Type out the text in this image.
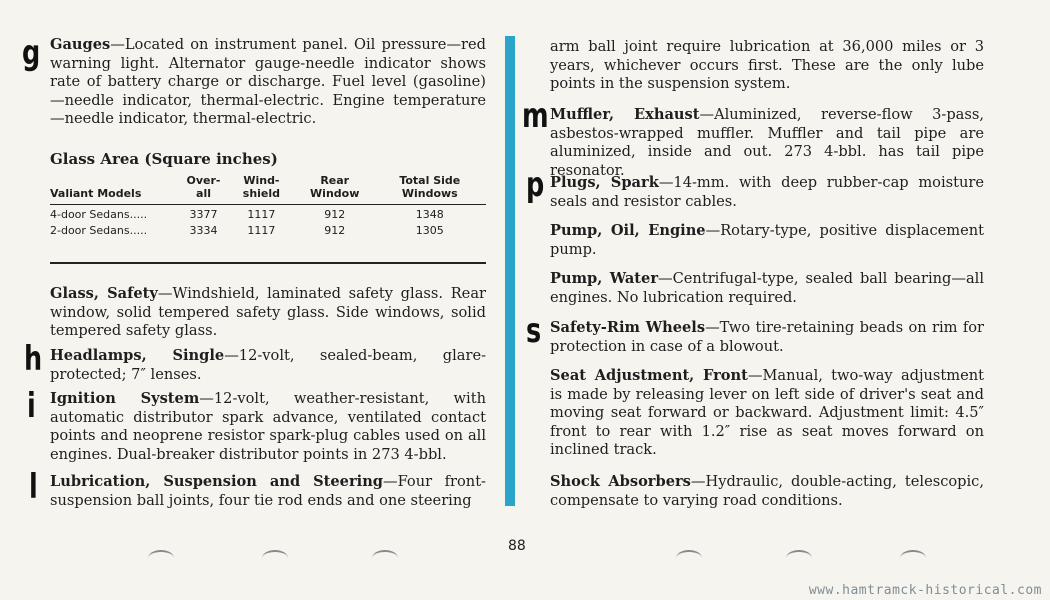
g Gauges—Located on instrument panel. Oil pressure—red warning light. Alternator gauge-needle indicator shows rate of battery charge or discharge. Fuel level (gasoline) —needle indicator, thermal-electric. Engine temperature —needle indicator, thermal-electric.

Glass Area (Square inches)
Valiant Models	Over-all	Wind-shield	Rear Window	Total Side Windows
4-door Sedans.....	3377	1117	912	1348
2-door Sedans.....	3334	1117	912	1305

Glass, Safety—Windshield, laminated safety glass. Rear window, solid tempered safety glass. Side windows, solid tempered safety glass.

h Headlamps, Single—12-volt, sealed-beam, glare-protected; 7″ lenses.

i Ignition System—12-volt, weather-resistant, with automatic distributor spark advance, ventilated contact points and neoprene resistor spark-plug cables used on all engines. Dual-breaker distributor points in 273 4-bbl.

l Lubrication, Suspension and Steering—Four front-suspension ball joints, four tie rod ends and one steering

arm ball joint require lubrication at 36,000 miles or 3 years, whichever occurs first. These are the only lube points in the suspension system.

m Muffler, Exhaust—Aluminized, reverse-flow 3-pass, asbestos-wrapped muffler. Muffler and tail pipe are aluminized, inside and out. 273 4-bbl. has tail pipe resonator.

p Plugs, Spark—14-mm. with deep rubber-cap moisture seals and resistor cables.

Pump, Oil, Engine—Rotary-type, positive displacement pump.

Pump, Water—Centrifugal-type, sealed ball bearing—all engines. No lubrication required.

s Safety-Rim Wheels—Two tire-retaining beads on rim for protection in case of a blowout.

Seat Adjustment, Front—Manual, two-way adjustment is made by releasing lever on left side of driver's seat and moving seat forward or backward. Adjustment limit: 4.5″ front to rear with 1.2″ rise as seat moves forward on inclined track.

Shock Absorbers—Hydraulic, double-acting, telescopic, compensate to varying road conditions.

88
www.hamtramck-historical.com
